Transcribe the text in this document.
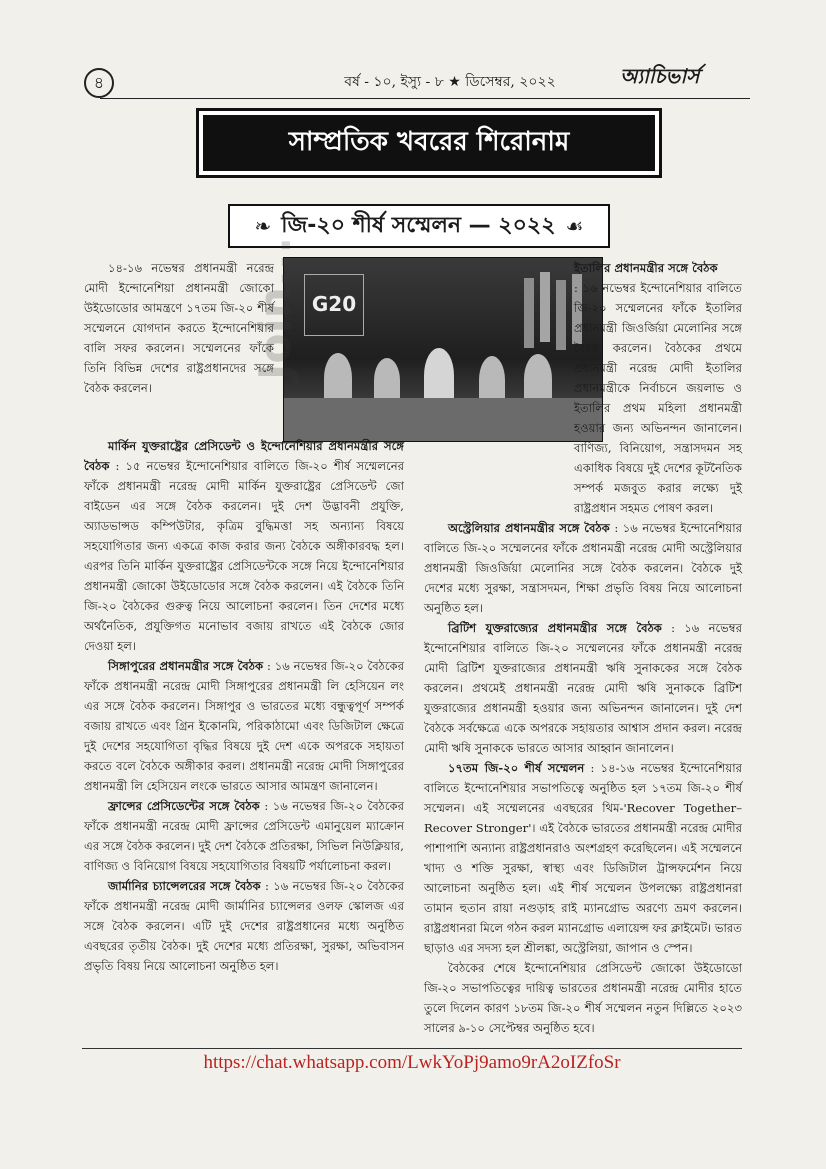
৪	বর্ষ - ১০, ইস্যু - ৮ ★ ডিসেম্বর, ২০২২	অ্যাচিভার্স
সাম্প্রতিক খবরের শিরোনাম
❧ জি-২০ শীর্ষ সম্মেলন — ২০২২ ☙
G20

১৪-১৬ নভেম্বর প্রধানমন্ত্রী নরেন্দ্র মোদী ইন্দোনেশিয়া প্রধানমন্ত্রী জোকো উইডোডোর আমন্ত্রণে ১৭তম জি-২০ শীর্ষ সম্মেলনে যোগদান করতে ইন্দোনেশিয়ার বালি সফর করলেন। সম্মেলনের ফাঁকে তিনি বিভিন্ন দেশের রাষ্ট্রপ্রধানদের সঙ্গে বৈঠক করলেন।

মার্কিন যুক্তরাষ্ট্রের প্রেসিডেন্ট ও ইন্দোনেশিয়ার প্রধানমন্ত্রীর সঙ্গে বৈঠক : ১৫ নভেম্বর ইন্দোনেশিয়ার বালিতে জি-২০ শীর্ষ সম্মেলনের ফাঁকে প্রধানমন্ত্রী নরেন্দ্র মোদী মার্কিন যুক্তরাষ্ট্রের প্রেসিডেন্ট জো বাইডেন এর সঙ্গে বৈঠক করলেন। দুই দেশ উদ্ভাবনী প্রযুক্তি, অ্যাডভান্সড কম্পিউটার, কৃত্রিম বুদ্ধিমত্তা সহ অন্যান্য বিষয়ে সহযোগিতার জন্য একত্রে কাজ করার জন্য বৈঠকে অঙ্গীকারবদ্ধ হল। এরপর তিনি মার্কিন যুক্তরাষ্ট্রের প্রেসিডেন্টকে সঙ্গে নিয়ে ইন্দোনেশিয়ার প্রধানমন্ত্রী জোকো উইডোডোর সঙ্গে বৈঠক করলেন। এই বৈঠকে তিনি জি-২০ বৈঠকের গুরুত্ব নিয়ে আলোচনা করলেন। তিন দেশের মধ্যে অর্থনৈতিক, প্রযুক্তিগত মনোভাব বজায় রাখতে এই বৈঠকে জোর দেওয়া হল।

সিঙ্গাপুরের প্রধানমন্ত্রীর সঙ্গে বৈঠক : ১৬ নভেম্বর জি-২০ বৈঠকের ফাঁকে প্রধানমন্ত্রী নরেন্দ্র মোদী সিঙ্গাপুরের প্রধানমন্ত্রী লি হেসিয়েন লং এর সঙ্গে বৈঠক করলেন। সিঙ্গাপুর ও ভারতের মধ্যে বন্ধুত্বপূর্ণ সম্পর্ক বজায় রাখতে এবং গ্রিন ইকোনমি, পরিকাঠামো এবং ডিজিটাল ক্ষেত্রে দুই দেশের সহযোগিতা বৃদ্ধির বিষয়ে দুই দেশ একে অপরকে সহায়তা করতে বলে বৈঠকে অঙ্গীকার করল। প্রধানমন্ত্রী নরেন্দ্র মোদী সিঙ্গাপুরের প্রধানমন্ত্রী লি হেসিয়েন লংকে ভারতে আসার আমন্ত্রণ জানালেন।

ফ্রান্সের প্রেসিডেন্টের সঙ্গে বৈঠক : ১৬ নভেম্বর জি-২০ বৈঠকের ফাঁকে প্রধানমন্ত্রী নরেন্দ্র মোদী ফ্রান্সের প্রেসিডেন্ট এমানুয়েল ম্যাক্রোন এর সঙ্গে বৈঠক করলেন। দুই দেশ বৈঠকে প্রতিরক্ষা, সিভিল নিউক্লিয়ার, বাণিজ্য ও বিনিয়োগ বিষয়ে সহযোগিতার বিষয়টি পর্যালোচনা করল।

জার্মানির চ্যান্সেলরের সঙ্গে বৈঠক : ১৬ নভেম্বর জি-২০ বৈঠকের ফাঁকে প্রধানমন্ত্রী নরেন্দ্র মোদী জার্মানির চ্যান্সেলর ওলফ স্কোলজ এর সঙ্গে বৈঠক করলেন। এটি দুই দেশের রাষ্ট্রপ্রধানের মধ্যে অনুষ্ঠিত এবছরের তৃতীয় বৈঠক। দুই দেশের মধ্যে প্রতিরক্ষা, সুরক্ষা, অভিবাসন প্রভৃতি বিষয় নিয়ে আলোচনা অনুষ্ঠিত হল।

ইতালির প্রধানমন্ত্রীর সঙ্গে বৈঠক

: ১৬ নভেম্বর ইন্দোনেশিয়ার বালিতে জি-২০ সম্মেলনের ফাঁকে ইতালির প্রধানমন্ত্রী জিওর্জিয়া মেলোনির সঙ্গে বৈঠক করলেন। বৈঠকের প্রথমে প্রধানমন্ত্রী নরেন্দ্র মোদী ইতালির প্রধানমন্ত্রীকে নির্বাচনে জয়লাভ ও ইতালির প্রথম মহিলা প্রধানমন্ত্রী হওয়ার জন্য অভিনন্দন জানালেন। বাণিজ্য, বিনিয়োগ, সন্ত্রাসদমন সহ একাধিক বিষয়ে দুই দেশের কূটনৈতিক সম্পর্ক মজবুত করার লক্ষ্যে দুই রাষ্ট্রপ্রধান সহমত পোষণ করল।

অস্ট্রেলিয়ার প্রধানমন্ত্রীর সঙ্গে বৈঠক : ১৬ নভেম্বর ইন্দোনেশিয়ার বালিতে জি-২০ সম্মেলনের ফাঁকে প্রধানমন্ত্রী নরেন্দ্র মোদী অস্ট্রেলিয়ার প্রধানমন্ত্রী জিওর্জিয়া মেলোনির সঙ্গে বৈঠক করলেন। বৈঠকে দুই দেশের মধ্যে সুরক্ষা, সন্ত্রাসদমন, শিক্ষা প্রভৃতি বিষয় নিয়ে আলোচনা অনুষ্ঠিত হল।

ব্রিটিশ যুক্তরাজ্যের প্রধানমন্ত্রীর সঙ্গে বৈঠক : ১৬ নভেম্বর ইন্দোনেশিয়ার বালিতে জি-২০ সম্মেলনের ফাঁকে প্রধানমন্ত্রী নরেন্দ্র মোদী ব্রিটিশ যুক্তরাজ্যের প্রধানমন্ত্রী ঋষি সুনাককের সঙ্গে বৈঠক করলেন। প্রথমেই প্রধানমন্ত্রী নরেন্দ্র মোদী ঋষি সুনাককে ব্রিটিশ যুক্তরাজ্যের প্রধানমন্ত্রী হওয়ার জন্য অভিনন্দন জানালেন। দুই দেশ বৈঠকে সর্বক্ষেত্রে একে অপরকে সহায়তার আশ্বাস প্রদান করল। নরেন্দ্র মোদী ঋষি সুনাককে ভারতে আসার আহ্বান জানালেন।

১৭তম জি-২০ শীর্ষ সম্মেলন : ১৪-১৬ নভেম্বর ইন্দোনেশিয়ার বালিতে ইন্দোনেশিয়ার সভাপতিত্বে অনুষ্ঠিত হল ১৭তম জি-২০ শীর্ষ সম্মেলন। এই সম্মেলনের এবছরের থিম-'Recover Together– Recover Stronger'। এই বৈঠকে ভারতের প্রধানমন্ত্রী নরেন্দ্র মোদীর পাশাপাশি অন্যান্য রাষ্ট্রপ্রধানরাও অংশগ্রহণ করেছিলেন। এই সম্মেলনে খাদ্য ও শক্তি সুরক্ষা, স্বাস্থ্য এবং ডিজিটাল ট্রান্সফর্মেশন নিয়ে আলোচনা অনুষ্ঠিত হল। এই শীর্ষ সম্মেলন উপলক্ষ্যে রাষ্ট্রপ্রধানরা তামান হুতান রায়া নগুড়াহ রাই ম্যানগ্রোভ অরণ্যে ভ্রমণ করলেন। রাষ্ট্রপ্রধানরা মিলে গঠন করল ম্যানগ্রোভ এলায়েন্স ফর ক্লাইমেট। ভারত ছাড়াও এর সদস্য হল শ্রীলঙ্কা, অস্ট্রেলিয়া, জাপান ও স্পেন।

বৈঠকের শেষে ইন্দোনেশিয়ার প্রেসিডেন্ট জোকো উইডোডো জি-২০ সভাপতিত্বের দায়িত্ব ভারতের প্রধানমন্ত্রী নরেন্দ্র মোদীর হাতে তুলে দিলেন কারণ ১৮তম জি-২০ শীর্ষ সম্মেলন নতুন দিল্লিতে ২০২৩ সালের ৯-১০ সেপ্টেম্বর অনুষ্ঠিত হবে।

Join...
https://chat.whatsapp.com/LwkYoPj9amo9rA2oIZfoSr
